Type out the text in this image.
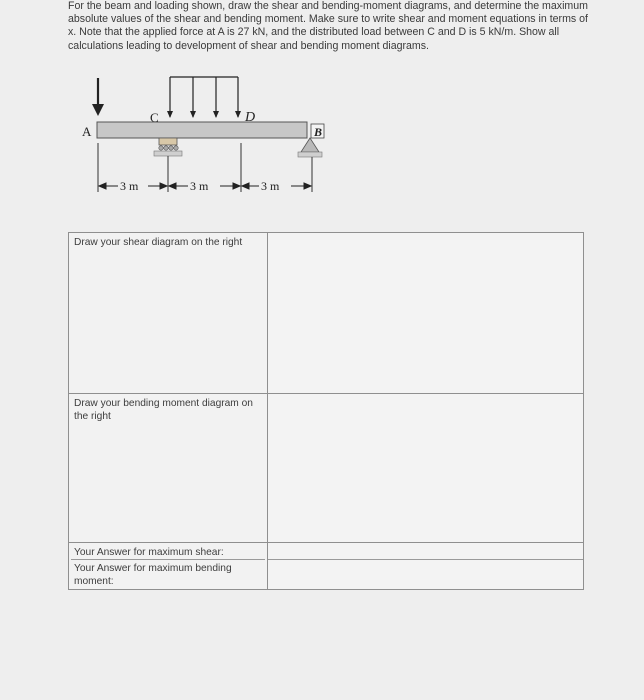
For the beam and loading shown, draw the shear and bending-moment diagrams, and determine the maximum absolute values of the shear and bending moment. Make sure to write shear and moment equations in terms of x. Note that the applied force at A is 27 kN, and the distributed load between C and D is 5 kN/m. Show all calculations leading to development of shear and bending moment diagrams.

A
C	D
B
3 m	3 m	3 m
Draw your shear diagram on the right
Draw your bending moment diagram on the right
Your Answer for maximum shear:
Your Answer for maximum bending moment:
